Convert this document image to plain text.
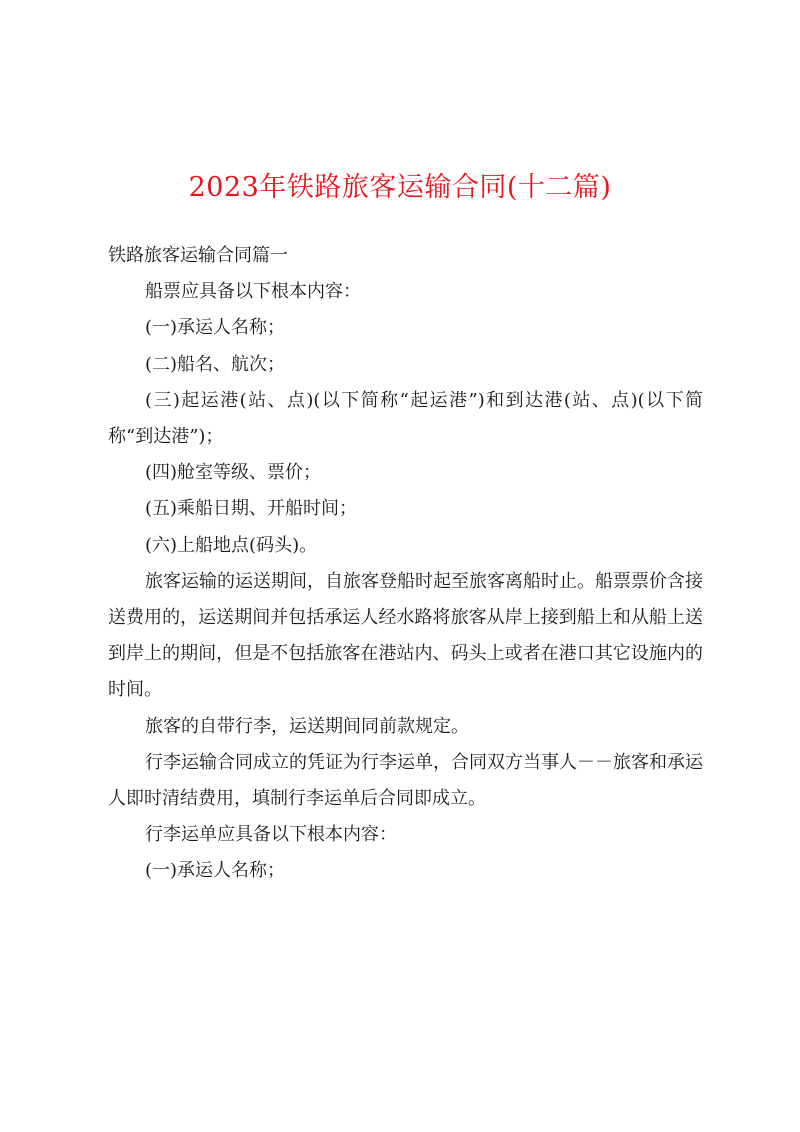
2023年铁路旅客运输合同(十二篇)

铁路旅客运输合同篇一

船票应具备以下根本内容：

(一)承运人名称；

(二)船名、航次；

(三)起运港(站、点)(以下简称“起运港”)和到达港(站、点)(以下简称“到达港”)；

(四)舱室等级、票价；

(五)乘船日期、开船时间；

(六)上船地点(码头)。

旅客运输的运送期间，自旅客登船时起至旅客离船时止。船票票价含接送费用的，运送期间并包括承运人经水路将旅客从岸上接到船上和从船上送到岸上的期间，但是不包括旅客在港站内、码头上或者在港口其它设施内的时间。

旅客的自带行李，运送期间同前款规定。

行李运输合同成立的凭证为行李运单，合同双方当事人－－旅客和承运人即时清结费用，填制行李运单后合同即成立。

行李运单应具备以下根本内容：

(一)承运人名称；
